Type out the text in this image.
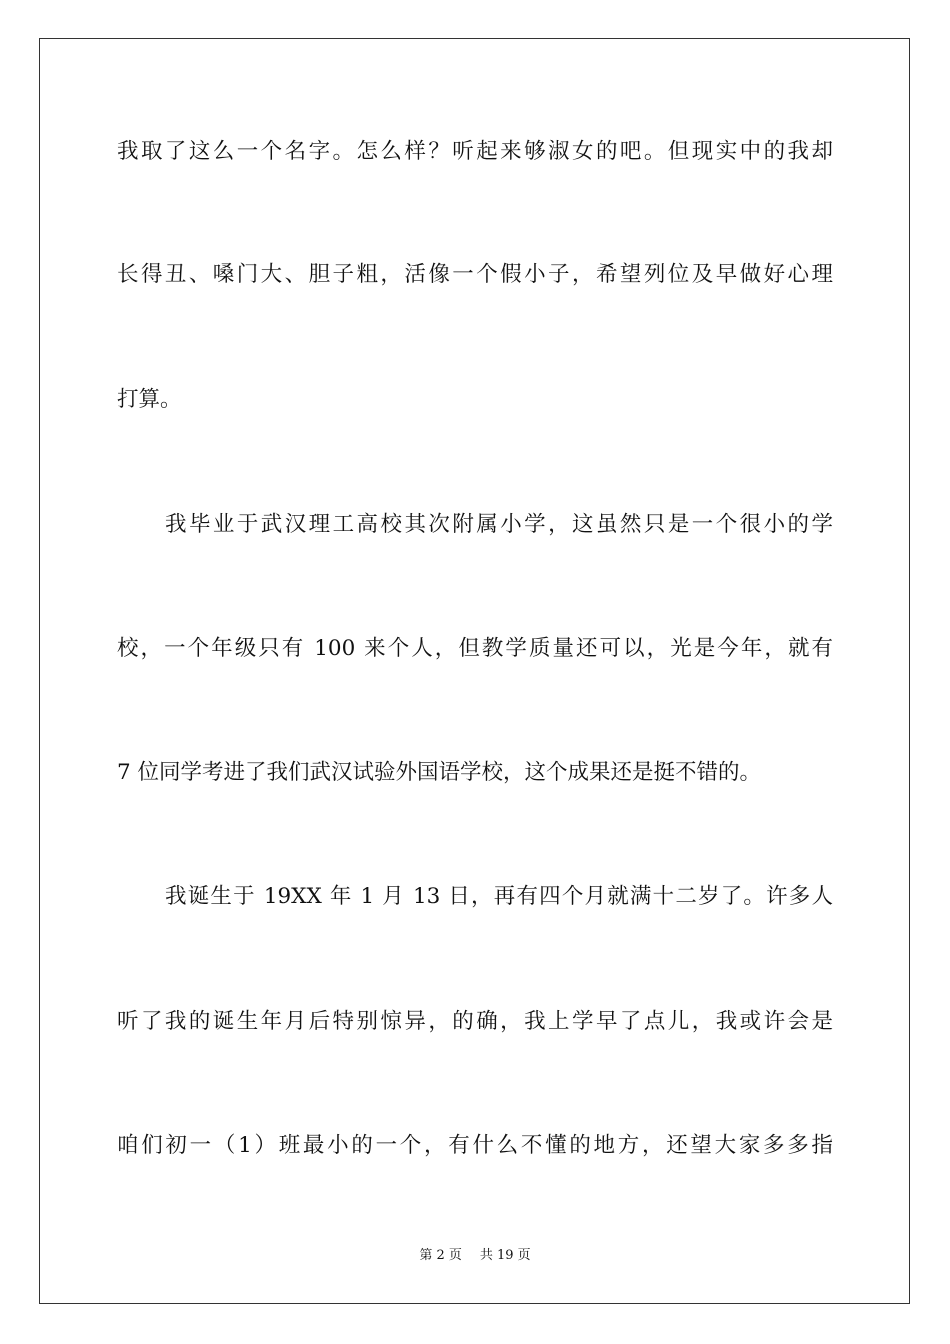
我取了这么一个名字。怎么样？听起来够淑女的吧。但现实中的我却
长得丑、嗓门大、胆子粗，活像一个假小子，希望列位及早做好心理
打算。
我毕业于武汉理工高校其次附属小学，这虽然只是一个很小的学
校，一个年级只有 100 来个人，但教学质量还可以，光是今年，就有
7 位同学考进了我们武汉试验外国语学校，这个成果还是挺不错的。
我诞生于 19XX 年 1 月 13 日，再有四个月就满十二岁了。许多人
听了我的诞生年月后特别惊异，的确，我上学早了点儿，我或许会是
咱们初一（1）班最小的一个，有什么不懂的地方，还望大家多多指
第 2 页 共 19 页
